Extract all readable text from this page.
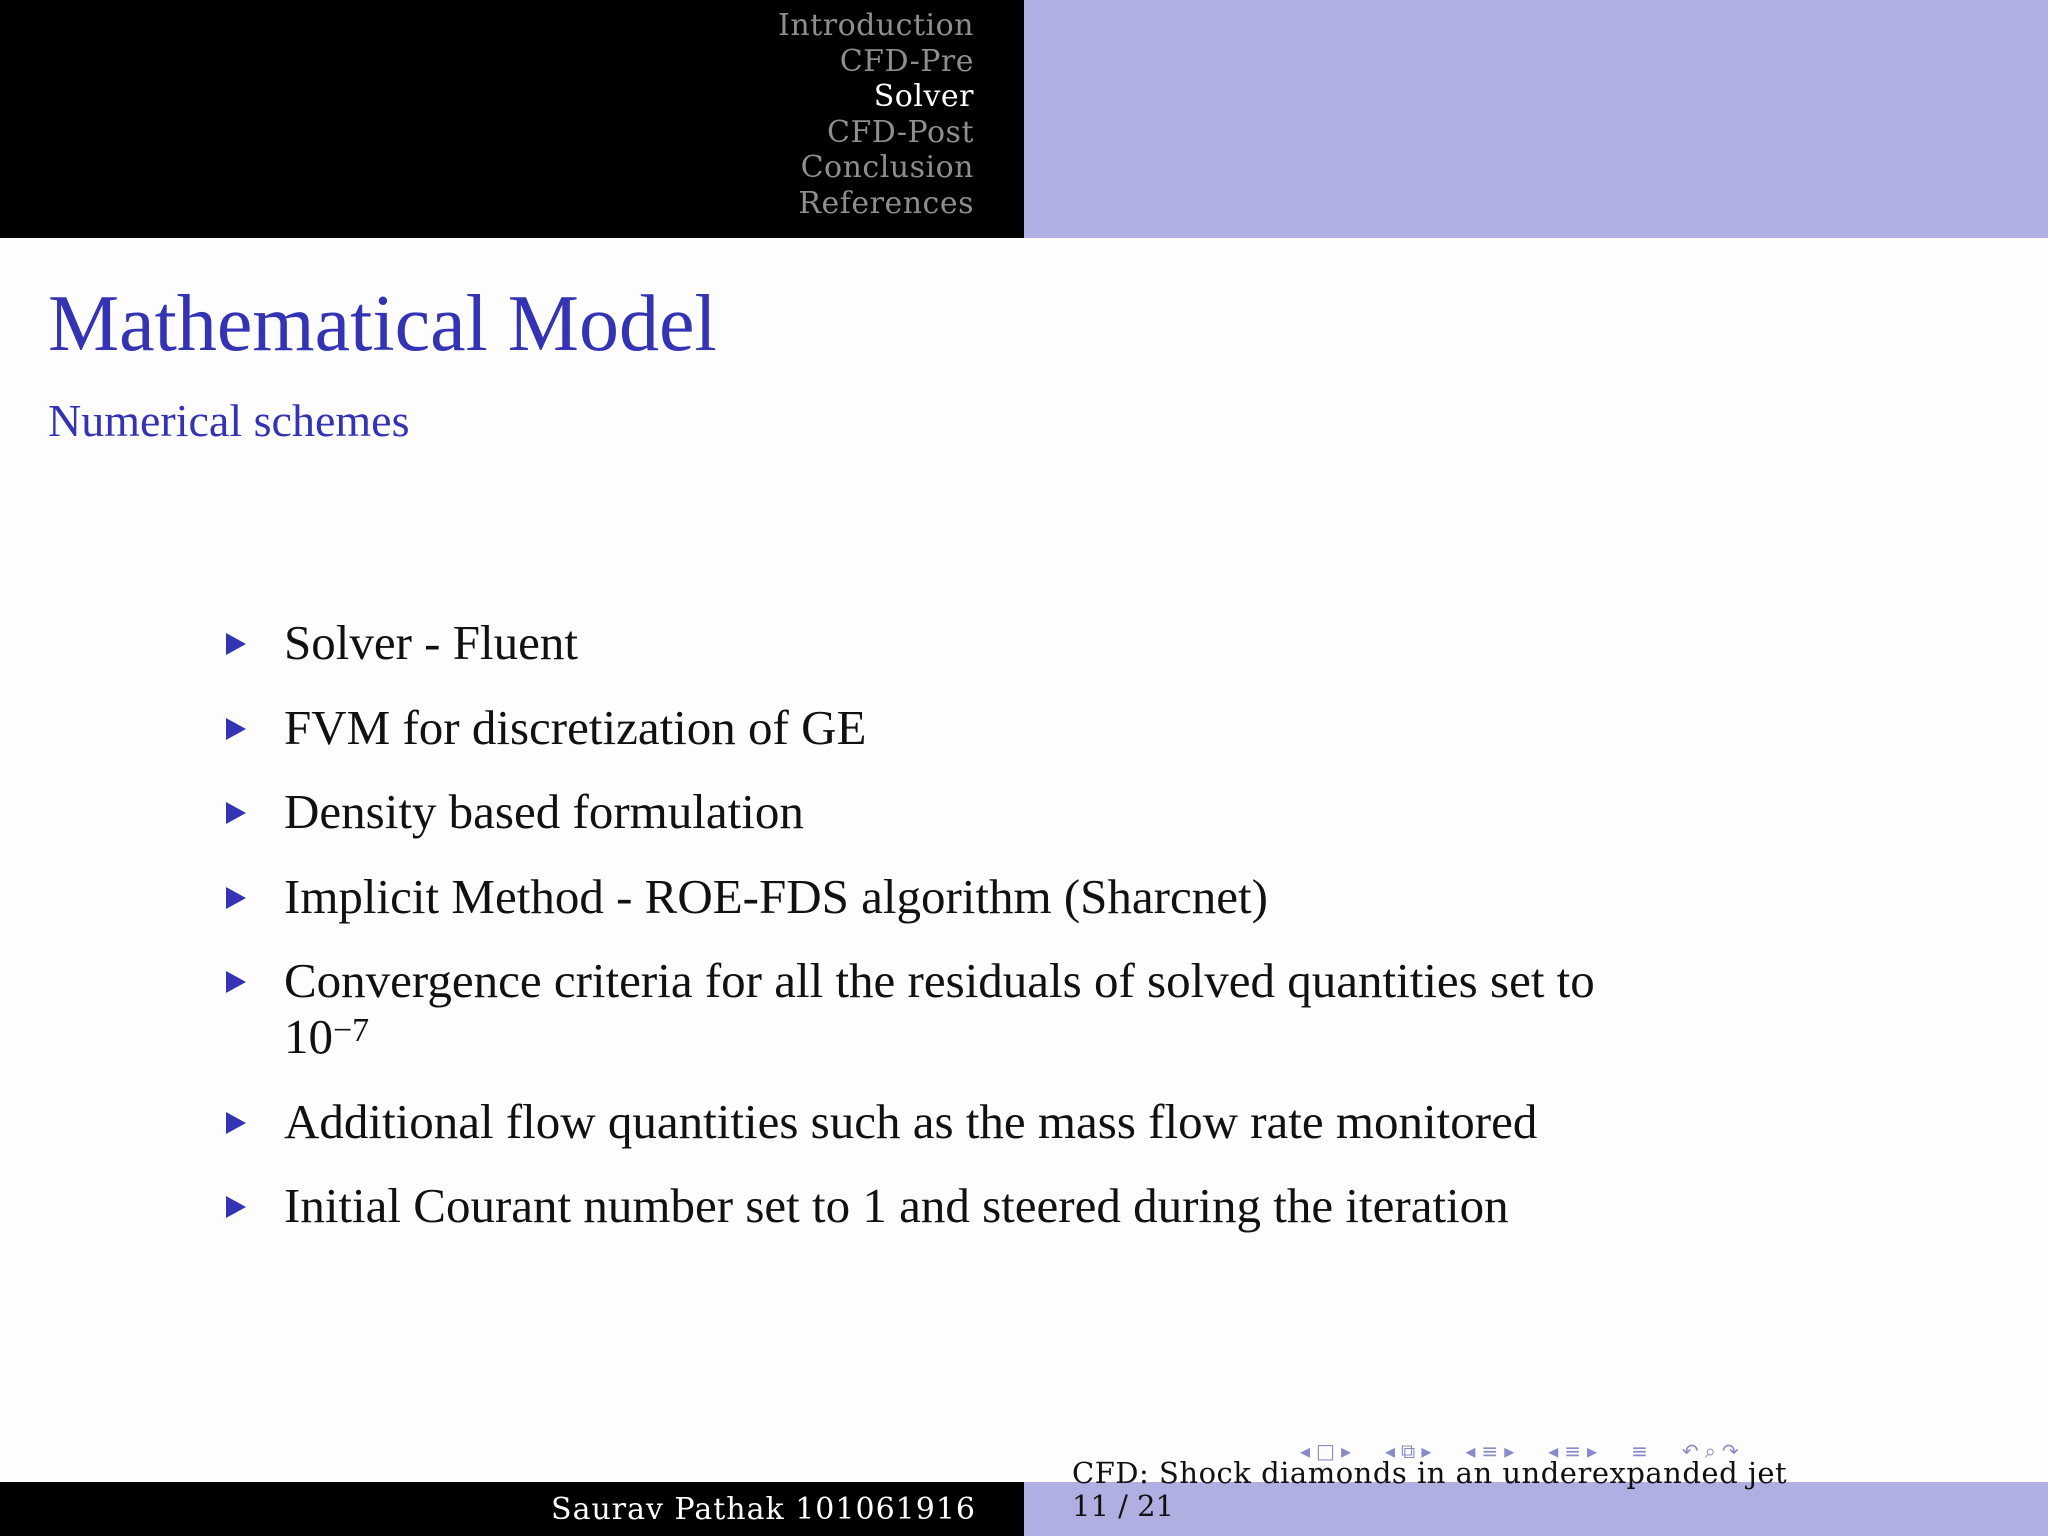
Introduction
CFD-Pre
Solver
CFD-Post
Conclusion
References
Mathematical Model
Numerical schemes
Solver - Fluent
FVM for discretization of GE
Density based formulation
Implicit Method - ROE-FDS algorithm (Sharcnet)
Convergence criteria for all the residuals of solved quantities set to
$10^{-7}$
Additional flow quantities such as the mass flow rate monitored
Initial Courant number set to 1 and steered during the iteration
◂ □ ▸ ◂ ⧉ ▸ ◂ ≡ ▸ ◂ ≡ ▸ ≡ ↶ ⌕ ↷
Saurav Pathak 101061916
CFD: Shock diamonds in an underexpanded jet
11 / 21
